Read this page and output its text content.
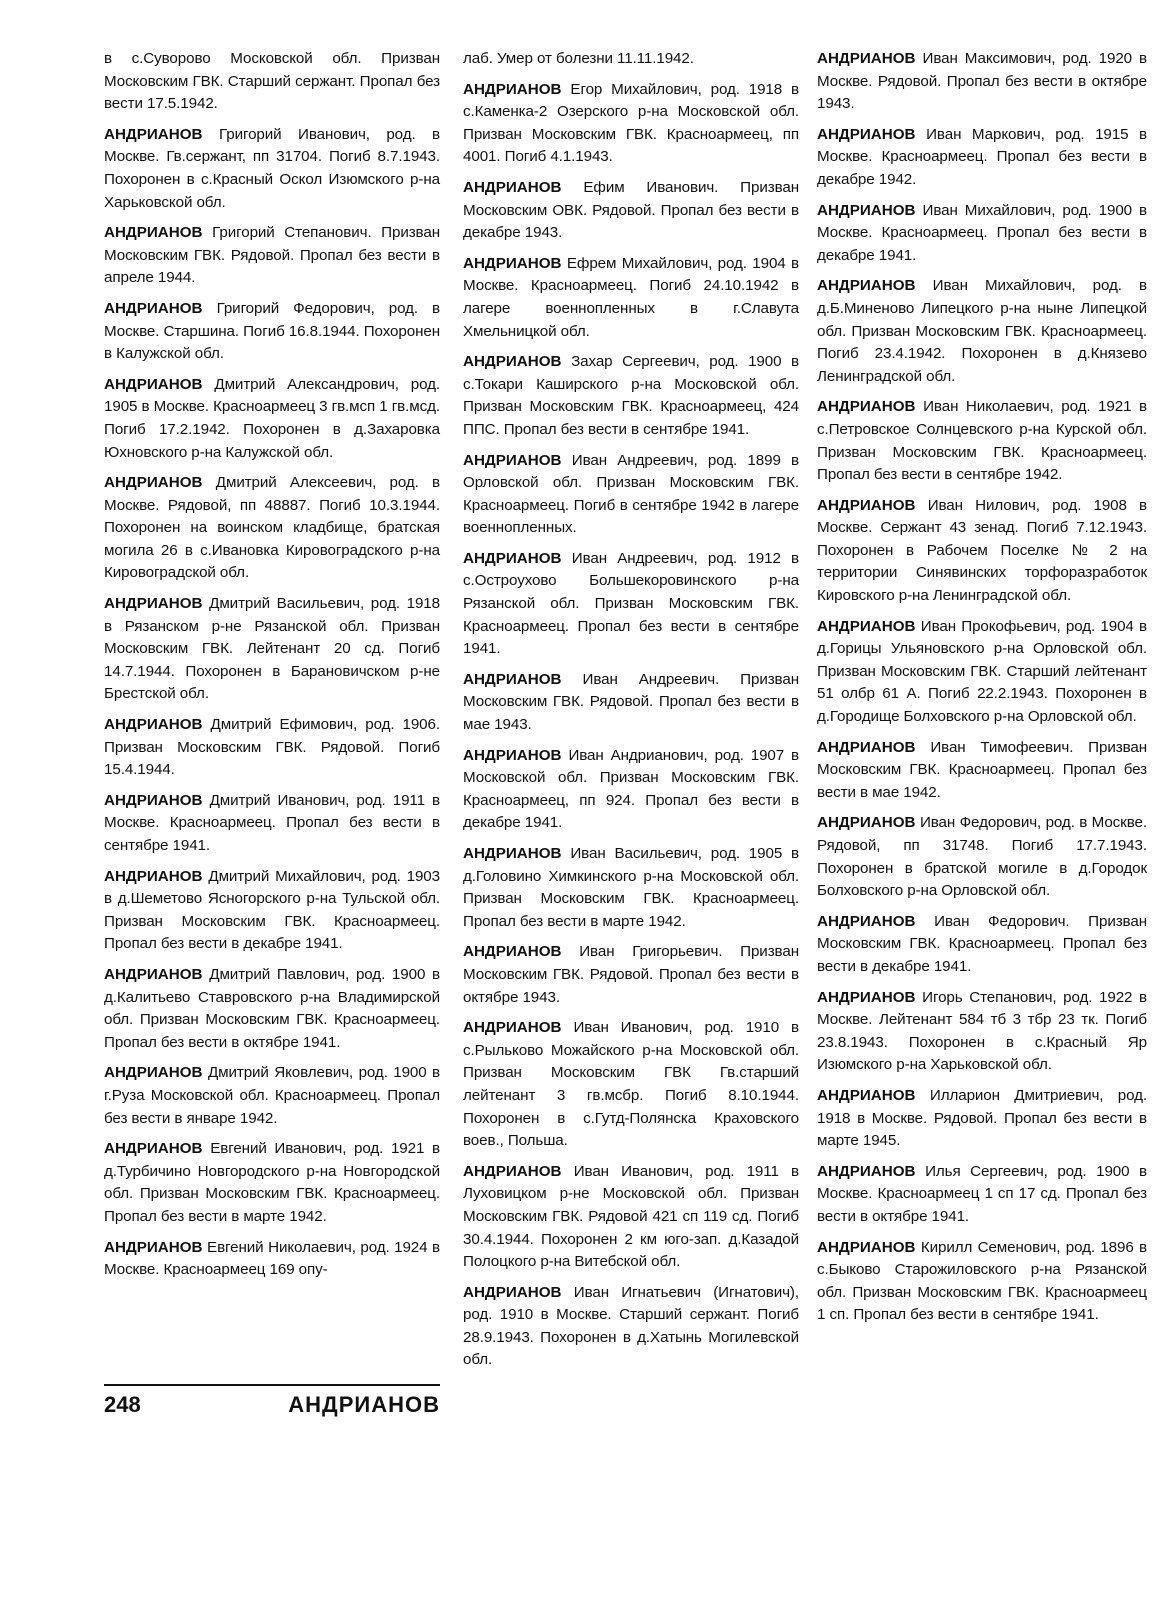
в с.Суворово Московской обл. Призван Московским ГВК. Старший сержант. Пропал без вести 17.5.1942.

АНДРИАНОВ Григорий Иванович, род. в Москве. Гв.сержант, пп 31704. Погиб 8.7.1943. Похоронен в с.Красный Оскол Изюмского р-на Харьковской обл.

АНДРИАНОВ Григорий Степанович. Призван Московским ГВК. Рядовой. Пропал без вести в апреле 1944.

АНДРИАНОВ Григорий Федорович, род. в Москве. Старшина. Погиб 16.8.1944. Похоронен в Калужской обл.

АНДРИАНОВ Дмитрий Александрович, род. 1905 в Москве. Красноармеец 3 гв.мсп 1 гв.мсд. Погиб 17.2.1942. Похоронен в д.Захаровка Юхновского р-на Калужской обл.

АНДРИАНОВ Дмитрий Алексеевич, род. в Москве. Рядовой, пп 48887. Погиб 10.3.1944. Похоронен на воинском кладбище, братская могила 26 в с.Ивановка Кировоградского р-на Кировоградской обл.

АНДРИАНОВ Дмитрий Васильевич, род. 1918 в Рязанском р-не Рязанской обл. Призван Московским ГВК. Лейтенант 20 сд. Погиб 14.7.1944. Похоронен в Барановичском р-не Брестской обл.

АНДРИАНОВ Дмитрий Ефимович, род. 1906. Призван Московским ГВК. Рядовой. Погиб 15.4.1944.

АНДРИАНОВ Дмитрий Иванович, род. 1911 в Москве. Красноармеец. Пропал без вести в сентябре 1941.

АНДРИАНОВ Дмитрий Михайлович, род. 1903 в д.Шеметово Ясногорского р-на Тульской обл. Призван Московским ГВК. Красноармеец. Пропал без вести в декабре 1941.

АНДРИАНОВ Дмитрий Павлович, род. 1900 в д.Калитьево Ставровского р-на Владимирской обл. Призван Московским ГВК. Красноармеец. Пропал без вести в октябре 1941.

АНДРИАНОВ Дмитрий Яковлевич, род. 1900 в г.Руза Московской обл. Красноармеец. Пропал без вести в январе 1942.

АНДРИАНОВ Евгений Иванович, род. 1921 в д.Турбичино Новгородского р-на Новгородской обл. Призван Московским ГВК. Красноармеец. Пропал без вести в марте 1942.

АНДРИАНОВ Евгений Николаевич, род. 1924 в Москве. Красноармеец 169 опу-

лаб. Умер от болезни 11.11.1942.

АНДРИАНОВ Егор Михайлович, род. 1918 в с.Каменка-2 Озерского р-на Московской обл. Призван Московским ГВК. Красноармеец, пп 4001. Погиб 4.1.1943.

АНДРИАНОВ Ефим Иванович. Призван Московским ОВК. Рядовой. Пропал без вести в декабре 1943.

АНДРИАНОВ Ефрем Михайлович, род. 1904 в Москве. Красноармеец. Погиб 24.10.1942 в лагере военнопленных в г.Славута Хмельницкой обл.

АНДРИАНОВ Захар Сергеевич, род. 1900 в с.Токари Каширского р-на Московской обл. Призван Московским ГВК. Красноармеец, 424 ППС. Пропал без вести в сентябре 1941.

АНДРИАНОВ Иван Андреевич, род. 1899 в Орловской обл. Призван Московским ГВК. Красноармеец. Погиб в сентябре 1942 в лагере военнопленных.

АНДРИАНОВ Иван Андреевич, род. 1912 в с.Остроухово Большекоровинского р-на Рязанской обл. Призван Московским ГВК. Красноармеец. Пропал без вести в сентябре 1941.

АНДРИАНОВ Иван Андреевич. Призван Московским ГВК. Рядовой. Пропал без вести в мае 1943.

АНДРИАНОВ Иван Андрианович, род. 1907 в Московской обл. Призван Московским ГВК. Красноармеец, пп 924. Пропал без вести в декабре 1941.

АНДРИАНОВ Иван Васильевич, род. 1905 в д.Головино Химкинского р-на Московской обл. Призван Московским ГВК. Красноармеец. Пропал без вести в марте 1942.

АНДРИАНОВ Иван Григорьевич. Призван Московским ГВК. Рядовой. Пропал без вести в октябре 1943.

АНДРИАНОВ Иван Иванович, род. 1910 в с.Рыльково Можайского р-на Московской обл. Призван Московским ГВК Гв.старший лейтенант 3 гв.мсбр. Погиб 8.10.1944. Похоронен в с.Гутд-Полянска Краховского воев., Польша.

АНДРИАНОВ Иван Иванович, род. 1911 в Луховицком р-не Московской обл. Призван Московским ГВК. Рядовой 421 сп 119 сд. Погиб 30.4.1944. Похоронен 2 км юго-зап. д.Казадой Полоцкого р-на Витебской обл.

АНДРИАНОВ Иван Игнатьевич (Игнатович), род. 1910 в Москве. Старший сержант. Погиб 28.9.1943. Похоронен в д.Хатынь Могилевской обл.

АНДРИАНОВ Иван Максимович, род. 1920 в Москве. Рядовой. Пропал без вести в октябре 1943.

АНДРИАНОВ Иван Маркович, род. 1915 в Москве. Красноармеец. Пропал без вести в декабре 1942.

АНДРИАНОВ Иван Михайлович, род. 1900 в Москве. Красноармеец. Пропал без вести в декабре 1941.

АНДРИАНОВ Иван Михайлович, род. в д.Б.Миненово Липецкого р-на ныне Липецкой обл. Призван Московским ГВК. Красноармеец. Погиб 23.4.1942. Похоронен в д.Князево Ленинградской обл.

АНДРИАНОВ Иван Николаевич, род. 1921 в с.Петровское Солнцевского р-на Курской обл. Призван Московским ГВК. Красноармеец. Пропал без вести в сентябре 1942.

АНДРИАНОВ Иван Нилович, род. 1908 в Москве. Сержант 43 зенад. Погиб 7.12.1943. Похоронен в Рабочем Поселке № 2 на территории Синявинских торфоразработок Кировского р-на Ленинградской обл.

АНДРИАНОВ Иван Прокофьевич, род. 1904 в д.Горицы Ульяновского р-на Орловской обл. Призван Московским ГВК. Старший лейтенант 51 олбр 61 А. Погиб 22.2.1943. Похоронен в д.Городище Болховского р-на Орловской обл.

АНДРИАНОВ Иван Тимофеевич. Призван Московским ГВК. Красноармеец. Пропал без вести в мае 1942.

АНДРИАНОВ Иван Федорович, род. в Москве. Рядовой, пп 31748. Погиб 17.7.1943. Похоронен в братской могиле в д.Городок Болховского р-на Орловской обл.

АНДРИАНОВ Иван Федорович. Призван Московским ГВК. Красноармеец. Пропал без вести в декабре 1941.

АНДРИАНОВ Игорь Степанович, род. 1922 в Москве. Лейтенант 584 тб 3 тбр 23 тк. Погиб 23.8.1943. Похоронен в с.Красный Яр Изюмского р-на Харьковской обл.

АНДРИАНОВ Илларион Дмитриевич, род. 1918 в Москве. Рядовой. Пропал без вести в марте 1945.

АНДРИАНОВ Илья Сергеевич, род. 1900 в Москве. Красноармеец 1 сп 17 сд. Пропал без вести в октябре 1941.

АНДРИАНОВ Кирилл Семенович, род. 1896 в с.Быково Старожиловского р-на Рязанской обл. Призван Московским ГВК. Красноармеец 1 сп. Пропал без вести в сентябре 1941.

248	АНДРИАНОВ
